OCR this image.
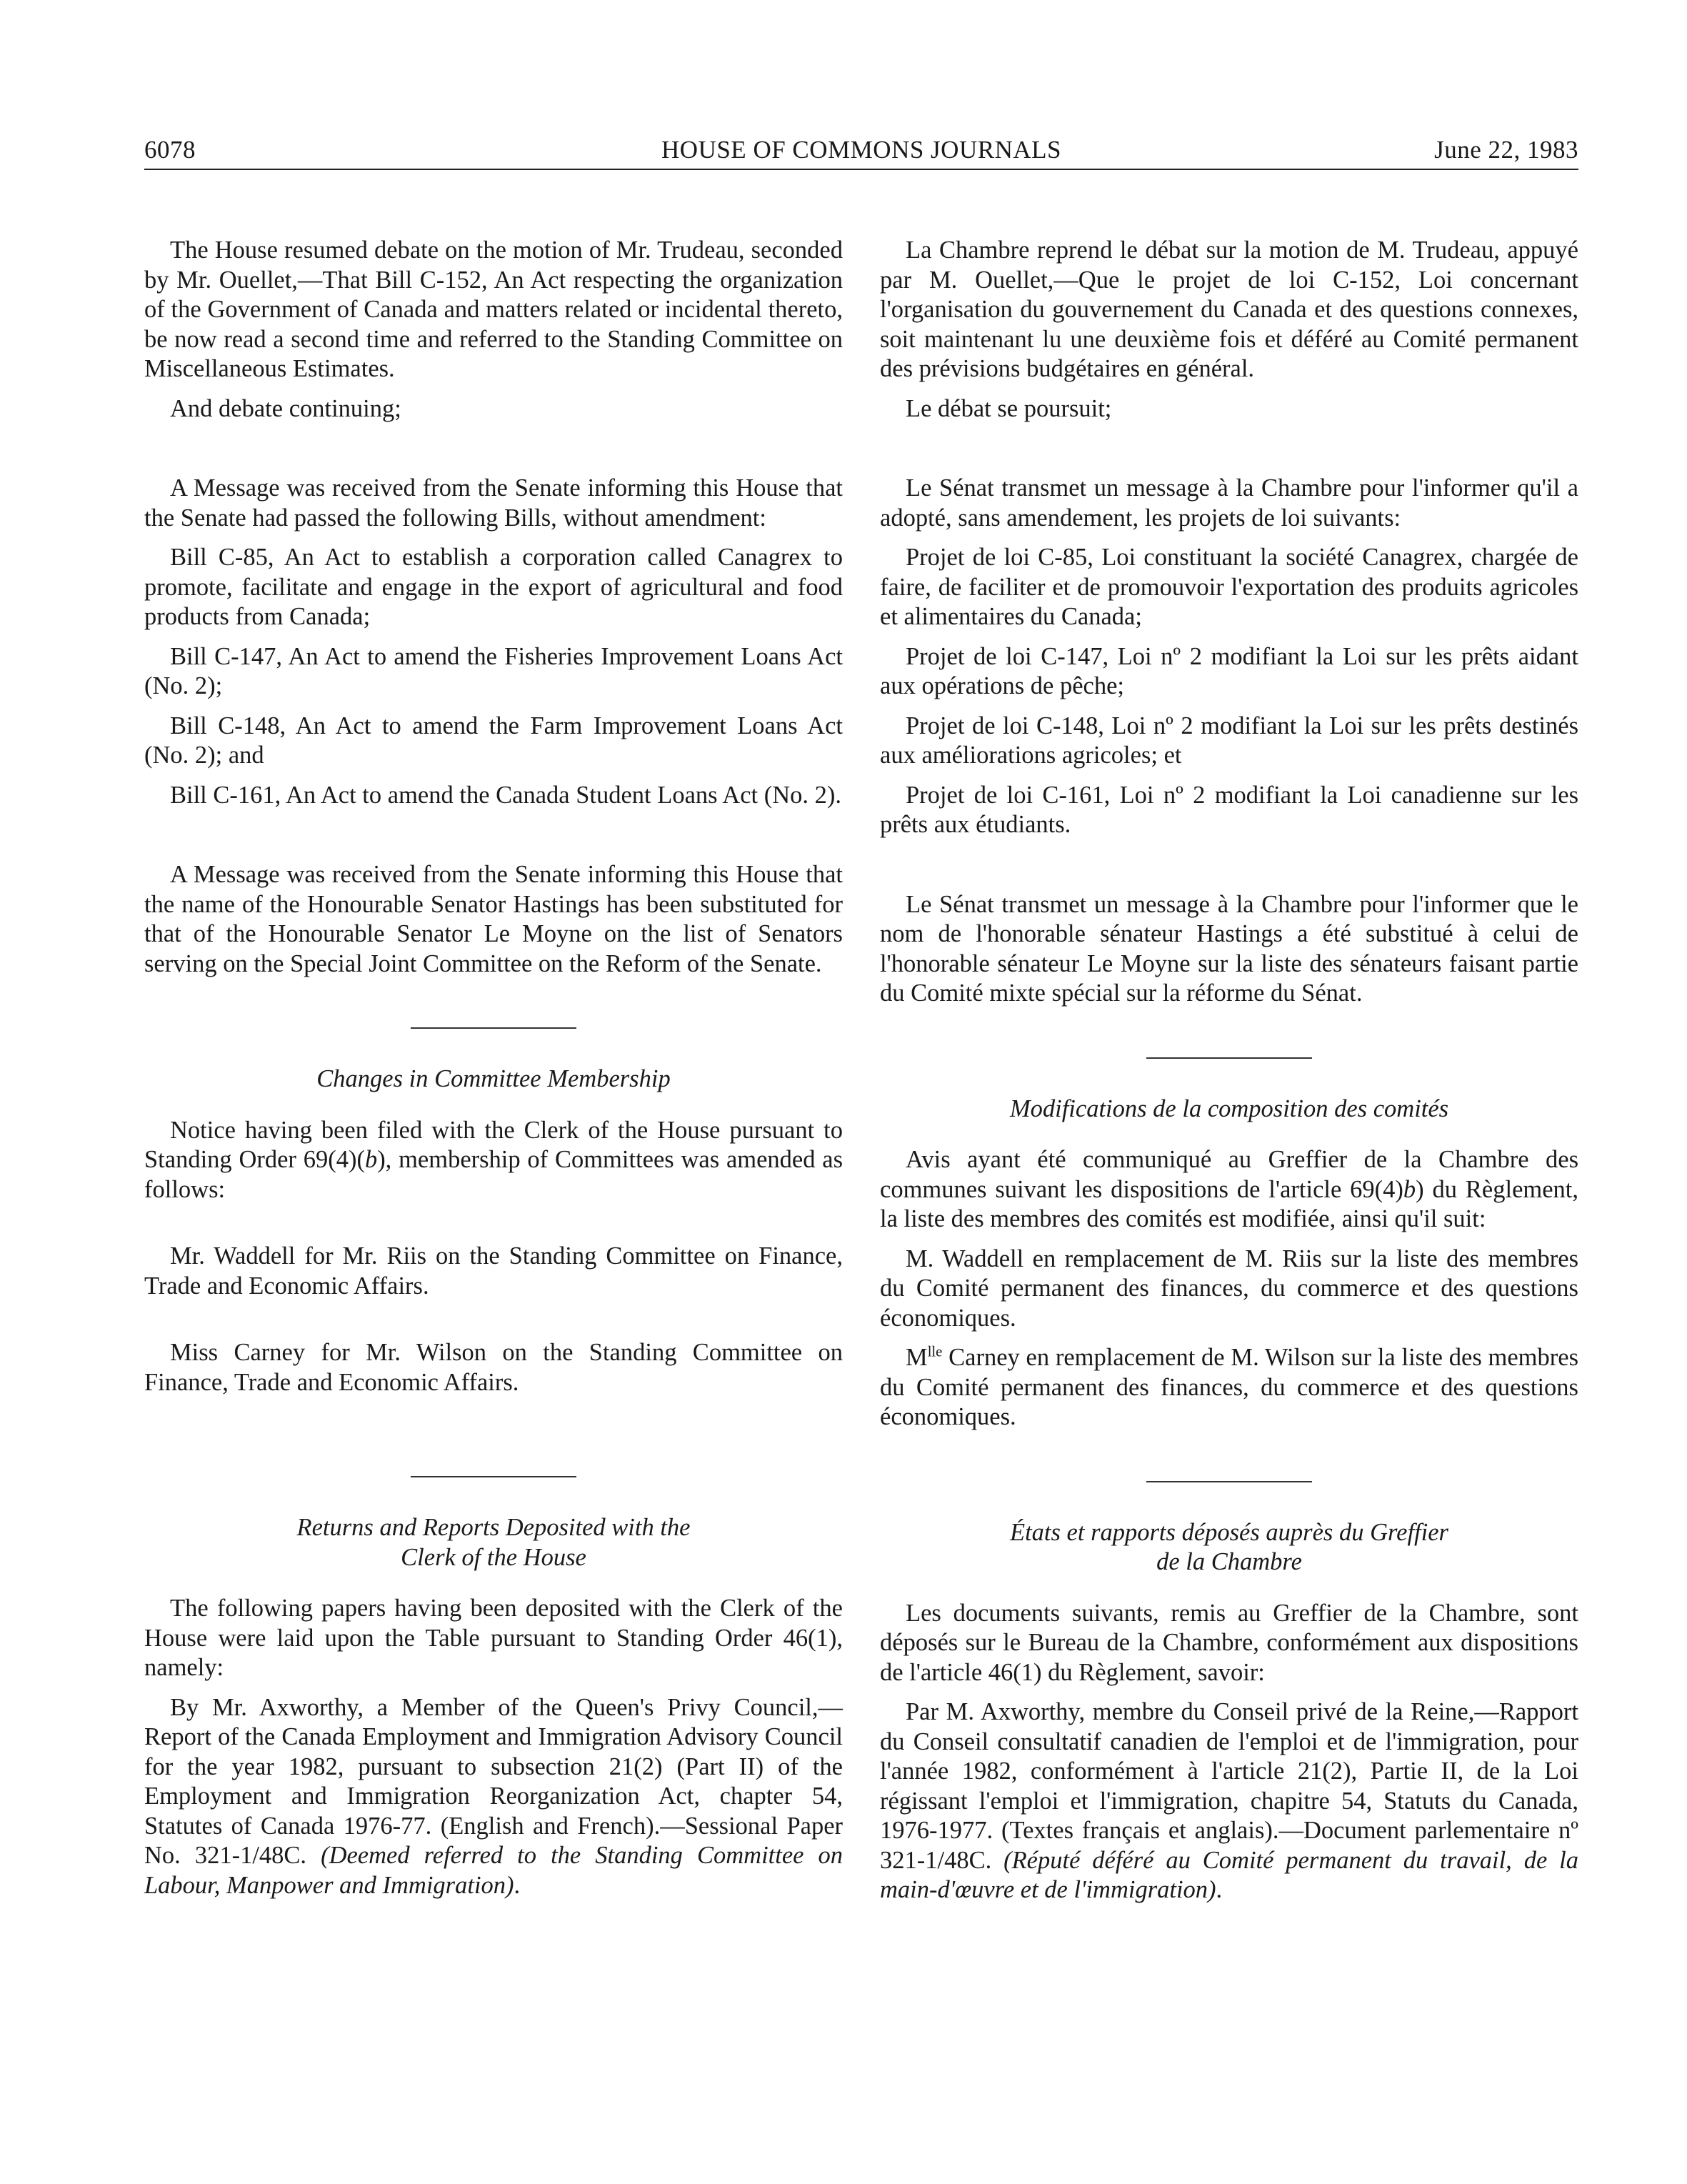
6078	HOUSE OF COMMONS JOURNALS	June 22, 1983

The House resumed debate on the motion of Mr. Trudeau, seconded by Mr. Ouellet,—That Bill C-152, An Act respecting the organization of the Government of Canada and matters related or incidental thereto, be now read a second time and referred to the Standing Committee on Miscellaneous Estimates.

And debate continuing;

A Message was received from the Senate informing this House that the Senate had passed the following Bills, without amendment:

Bill C-85, An Act to establish a corporation called Canagrex to promote, facilitate and engage in the export of agricultural and food products from Canada;

Bill C-147, An Act to amend the Fisheries Improvement Loans Act (No. 2);

Bill C-148, An Act to amend the Farm Improvement Loans Act (No. 2); and

Bill C-161, An Act to amend the Canada Student Loans Act (No. 2).

A Message was received from the Senate informing this House that the name of the Honourable Senator Hastings has been substituted for that of the Honourable Senator Le Moyne on the list of Senators serving on the Special Joint Committee on the Reform of the Senate.

Changes in Committee Membership

Notice having been filed with the Clerk of the House pursuant to Standing Order 69(4)(b), membership of Committees was amended as follows:

Mr. Waddell for Mr. Riis on the Standing Committee on Finance, Trade and Economic Affairs.

Miss Carney for Mr. Wilson on the Standing Committee on Finance, Trade and Economic Affairs.

Returns and Reports Deposited with the
Clerk of the House

The following papers having been deposited with the Clerk of the House were laid upon the Table pursuant to Standing Order 46(1), namely:

By Mr. Axworthy, a Member of the Queen's Privy Council,—Report of the Canada Employment and Immigration Advisory Council for the year 1982, pursuant to subsection 21(2) (Part II) of the Employment and Immigration Reorganization Act, chapter 54, Statutes of Canada 1976-77. (English and French).—Sessional Paper No. 321-1/48C. (Deemed referred to the Standing Committee on Labour, Manpower and Immigration).

La Chambre reprend le débat sur la motion de M. Trudeau, appuyé par M. Ouellet,—Que le projet de loi C-152, Loi concernant l'organisation du gouvernement du Canada et des questions connexes, soit maintenant lu une deuxième fois et déféré au Comité permanent des prévisions budgétaires en général.

Le débat se poursuit;

Le Sénat transmet un message à la Chambre pour l'informer qu'il a adopté, sans amendement, les projets de loi suivants:

Projet de loi C-85, Loi constituant la société Canagrex, chargée de faire, de faciliter et de promouvoir l'exportation des produits agricoles et alimentaires du Canada;

Projet de loi C-147, Loi nº 2 modifiant la Loi sur les prêts aidant aux opérations de pêche;

Projet de loi C-148, Loi nº 2 modifiant la Loi sur les prêts destinés aux améliorations agricoles; et

Projet de loi C-161, Loi nº 2 modifiant la Loi canadienne sur les prêts aux étudiants.

Le Sénat transmet un message à la Chambre pour l'informer que le nom de l'honorable sénateur Hastings a été substitué à celui de l'honorable sénateur Le Moyne sur la liste des sénateurs faisant partie du Comité mixte spécial sur la réforme du Sénat.

Modifications de la composition des comités

Avis ayant été communiqué au Greffier de la Chambre des communes suivant les dispositions de l'article 69(4)b) du Règlement, la liste des membres des comités est modifiée, ainsi qu'il suit:

M. Waddell en remplacement de M. Riis sur la liste des membres du Comité permanent des finances, du commerce et des questions économiques.

$M^{lle}$ Carney en remplacement de M. Wilson sur la liste des membres du Comité permanent des finances, du commerce et des questions économiques.

États et rapports déposés auprès du Greffier
de la Chambre

Les documents suivants, remis au Greffier de la Chambre, sont déposés sur le Bureau de la Chambre, conformément aux dispositions de l'article 46(1) du Règlement, savoir:

Par M. Axworthy, membre du Conseil privé de la Reine,—Rapport du Conseil consultatif canadien de l'emploi et de l'immigration, pour l'année 1982, conformément à l'article 21(2), Partie II, de la Loi régissant l'emploi et l'immigration, chapitre 54, Statuts du Canada, 1976-1977. (Textes français et anglais).—Document parlementaire nº 321-1/48C. (Réputé déféré au Comité permanent du travail, de la main-d'œuvre et de l'immigration).
